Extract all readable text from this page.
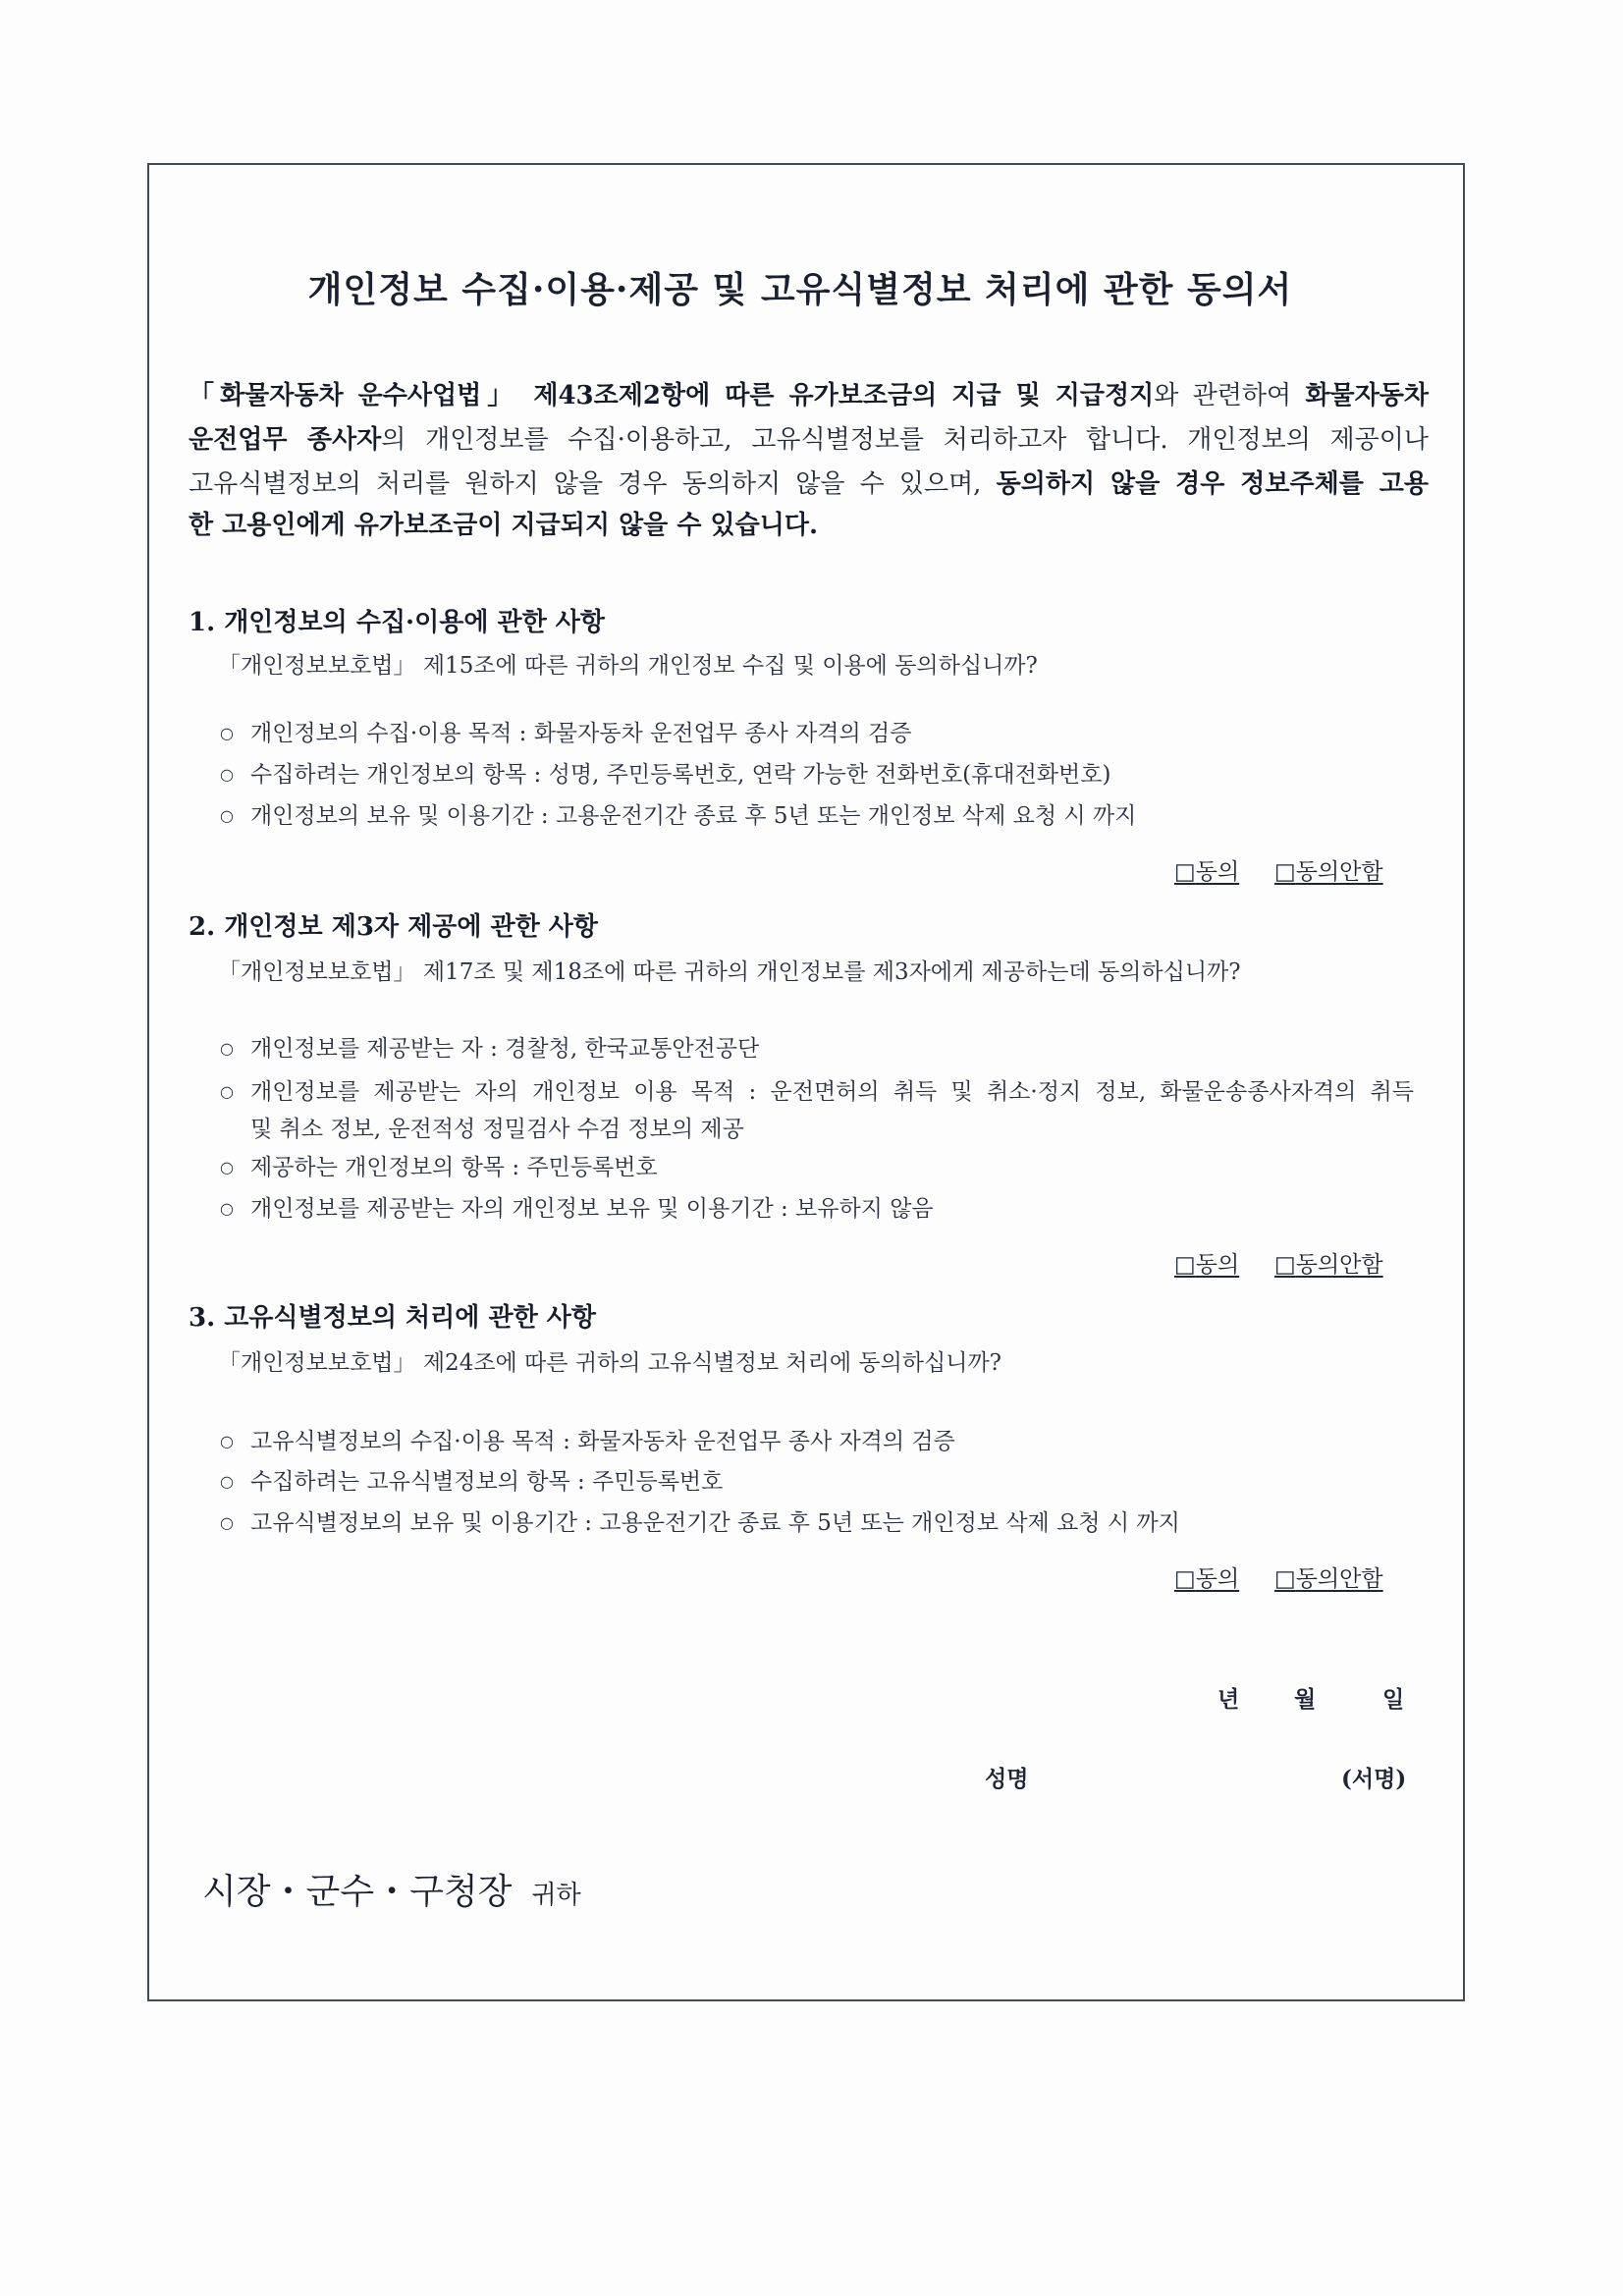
개인정보 수집·이용·제공 및 고유식별정보 처리에 관한 동의서
「화물자동차 운수사업법」 제43조제2항에 따른 유가보조금의 지급 및 지급정지와 관련하여 화물자동차
운전업무 종사자의 개인정보를 수집·이용하고, 고유식별정보를 처리하고자 합니다. 개인정보의 제공이나
고유식별정보의 처리를 원하지 않을 경우 동의하지 않을 수 있으며, 동의하지 않을 경우 정보주체를 고용
한 고용인에게 유가보조금이 지급되지 않을 수 있습니다.
1. 개인정보의 수집·이용에 관한 사항
「개인정보보호법」 제15조에 따른 귀하의 개인정보 수집 및 이용에 동의하십니까?
○ 개인정보의 수집·이용 목적 : 화물자동차 운전업무 종사 자격의 검증
○ 수집하려는 개인정보의 항목 : 성명, 주민등록번호, 연락 가능한 전화번호(휴대전화번호)
○ 개인정보의 보유 및 이용기간 : 고용운전기간 종료 후 5년 또는 개인정보 삭제 요청 시 까지
□동의 □동의안함
2. 개인정보 제3자 제공에 관한 사항
「개인정보보호법」 제17조 및 제18조에 따른 귀하의 개인정보를 제3자에게 제공하는데 동의하십니까?
○ 개인정보를 제공받는 자 : 경찰청, 한국교통안전공단
○ 개인정보를 제공받는 자의 개인정보 이용 목적 : 운전면허의 취득 및 취소·정지 정보, 화물운송종사자격의 취득
및 취소 정보, 운전적성 정밀검사 수검 정보의 제공
○ 제공하는 개인정보의 항목 : 주민등록번호
○ 개인정보를 제공받는 자의 개인정보 보유 및 이용기간 : 보유하지 않음
□동의 □동의안함
3. 고유식별정보의 처리에 관한 사항
「개인정보보호법」 제24조에 따른 귀하의 고유식별정보 처리에 동의하십니까?
○ 고유식별정보의 수집·이용 목적 : 화물자동차 운전업무 종사 자격의 검증
○ 수집하려는 고유식별정보의 항목 : 주민등록번호
○ 고유식별정보의 보유 및 이용기간 : 고용운전기간 종료 후 5년 또는 개인정보 삭제 요청 시 까지
□동의 □동의안함
년 월	일
성명	(서명)
시장・군수・구청장 귀하
